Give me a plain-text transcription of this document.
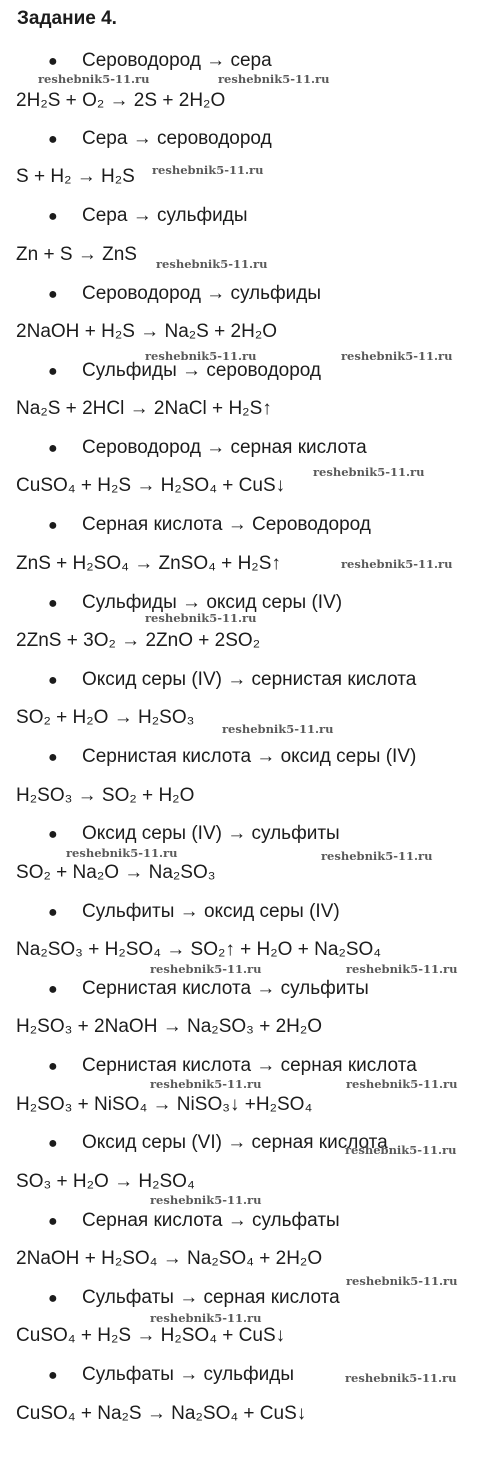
Задание 4.
● Сероводород → сера
2H₂S + O₂ → 2S + 2H₂O
● Сера → сероводород
S + H₂ → H₂S
● Сера → сульфиды
Zn + S → ZnS
● Сероводород → сульфиды
2NaOH + H₂S → Na₂S + 2H₂O
● Сульфиды → сероводород
Na₂S + 2HCl → 2NaCl + H₂S↑
● Сероводород → серная кислота
CuSO₄ + H₂S → H₂SO₄ + CuS↓
● Серная кислота → Сероводород
ZnS + H₂SO₄ → ZnSO₄ + H₂S↑
● Сульфиды → оксид серы (IV)
2ZnS + 3O₂ → 2ZnO + 2SO₂
● Оксид серы (IV) → сернистая кислота
SO₂ + H₂O → H₂SO₃
● Сернистая кислота → оксид серы (IV)
H₂SO₃ → SO₂ + H₂O
● Оксид серы (IV) → сульфиты
SO₂ + Na₂O → Na₂SO₃
● Сульфиты → оксид серы (IV)
Na₂SO₃ + H₂SO₄ → SO₂↑ + H₂O + Na₂SO₄
● Сернистая кислота → сульфиты
H₂SO₃ + 2NaOH → Na₂SO₃ + 2H₂O
● Сернистая кислота → серная кислота
H₂SO₃ + NiSO₄ → NiSO₃↓ +H₂SO₄
● Оксид серы (VI) → серная кислота
SO₃ + H₂O → H₂SO₄
● Серная кислота → сульфаты
2NaOH + H₂SO₄ → Na₂SO₄ + 2H₂O
● Сульфаты → серная кислота
CuSO₄ + H₂S → H₂SO₄ + CuS↓
● Сульфаты → сульфиды
CuSO₄ + Na₂S → Na₂SO₄ + CuS↓
reshebnik5-11.ru	reshebnik5-11.ru
reshebnik5-11.ru
reshebnik5-11.ru
reshebnik5-11.ru	reshebnik5-11.ru
reshebnik5-11.ru
reshebnik5-11.ru
reshebnik5-11.ru
reshebnik5-11.ru
reshebnik5-11.ru	reshebnik5-11.ru
reshebnik5-11.ru	reshebnik5-11.ru
reshebnik5-11.ru	reshebnik5-11.ru
reshebnik5-11.ru
reshebnik5-11.ru
reshebnik5-11.ru
reshebnik5-11.ru
reshebnik5-11.ru
